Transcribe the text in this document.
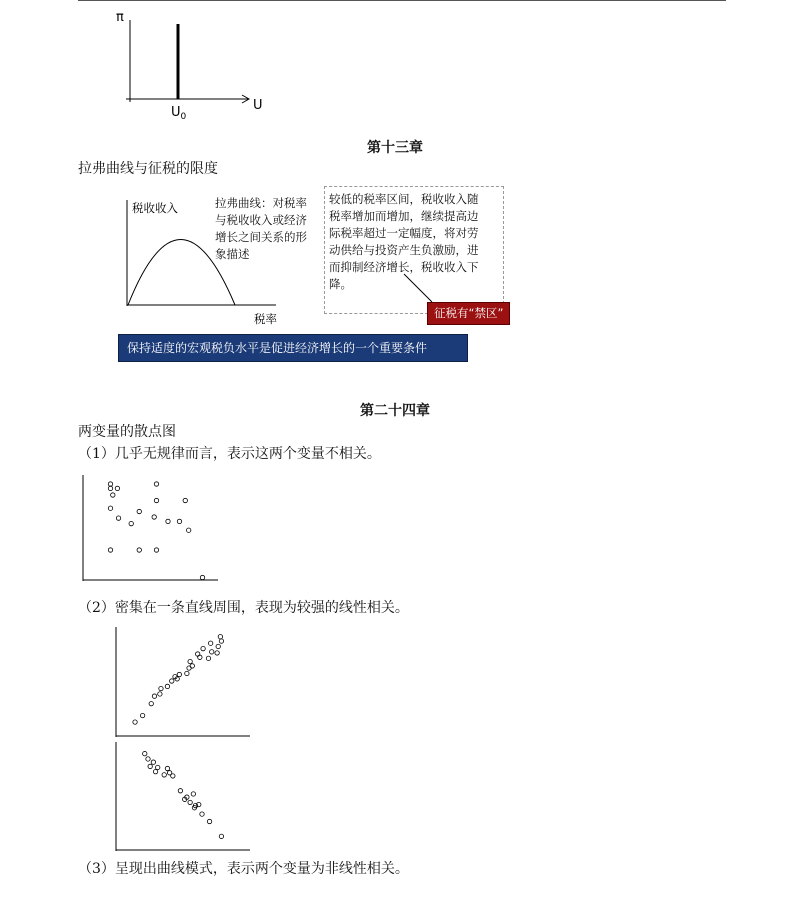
π
U
$U_0$
第十三章
拉弗曲线与征税的限度
税收收入
税率
拉弗曲线：对税率
与税收收入或经济
增长之间关系的形
象描述
较低的税率区间，税收收入随
税率增加而增加，继续提高边
际税率超过一定幅度，将对劳
动供给与投资产生负激励，进
而抑制经济增长，税收收入下
降。
征税有“禁区”
保持适度的宏观税负水平是促进经济增长的一个重要条件
第二十四章
两变量的散点图
（1）几乎无规律而言，表示这两个变量不相关。
（2）密集在一条直线周围，表现为较强的线性相关。
（3）呈现出曲线模式，表示两个变量为非线性相关。
